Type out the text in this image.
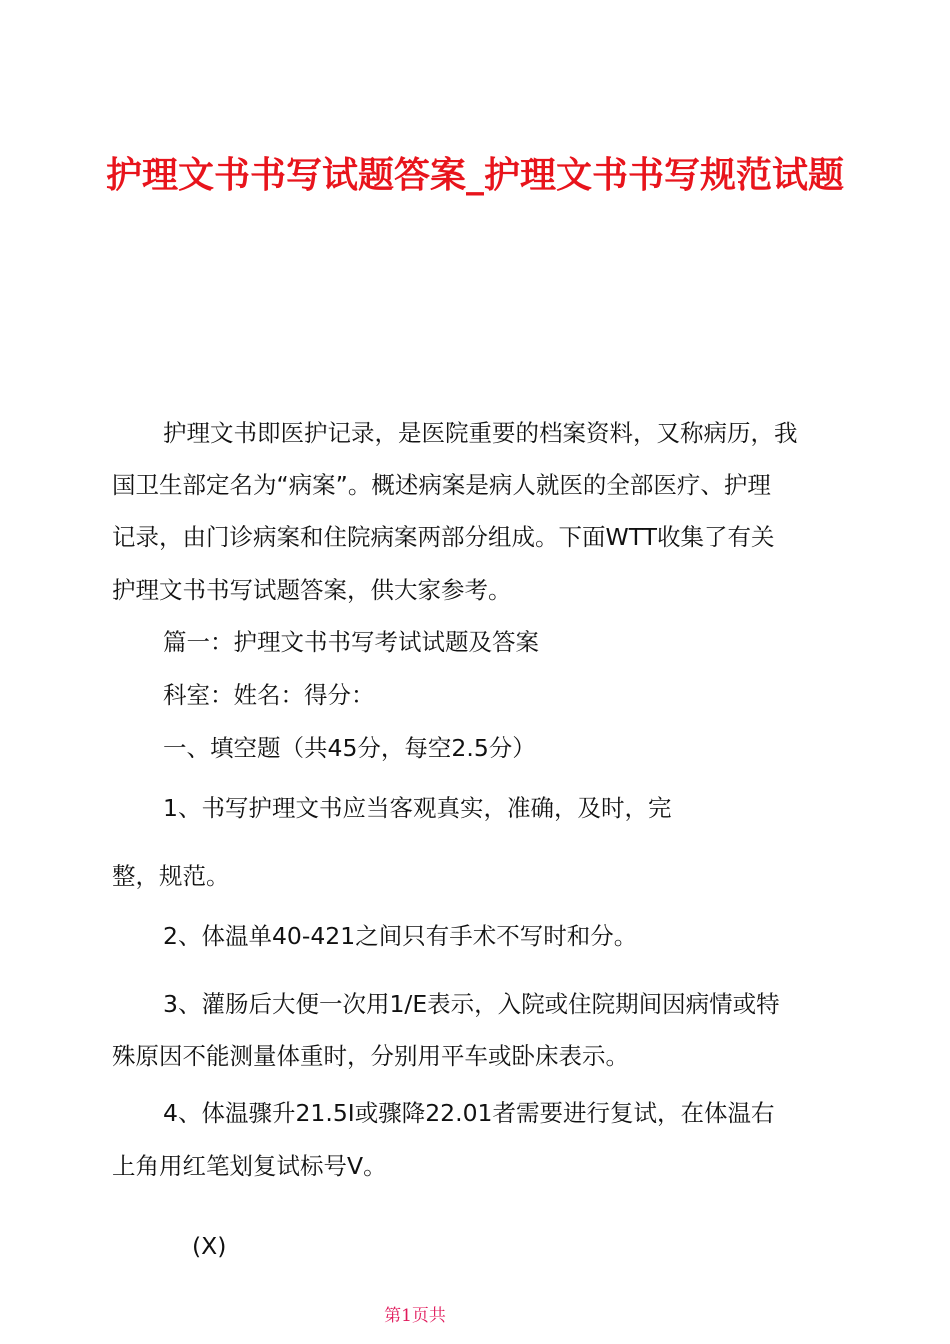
护理文书书写试题答案_护理文书书写规范试题
护理文书即医护记录，是医院重要的档案资料，又称病历，我
国卫生部定名为“病案”。概述病案是病人就医的全部医疗、护理
记录，由门诊病案和住院病案两部分组成。下面WTT收集了有关
护理文书书写试题答案，供大家参考。
篇一：护理文书书写考试试题及答案
科室：姓名：得分：
一、填空题（共45分，每空2.5分）
1、书写护理文书应当客观真实，准确，及时，完
整，规范。
2、体温单40-421之间只有手术不写时和分。
3、灌肠后大便一次用1/E表示，入院或住院期间因病情或特
殊原因不能测量体重时，分别用平车或卧床表示。
4、体温骤升21.5I或骤降22.01者需要进行复试，在体温右
上角用红笔划复试标号V。
(X)
第1页共
